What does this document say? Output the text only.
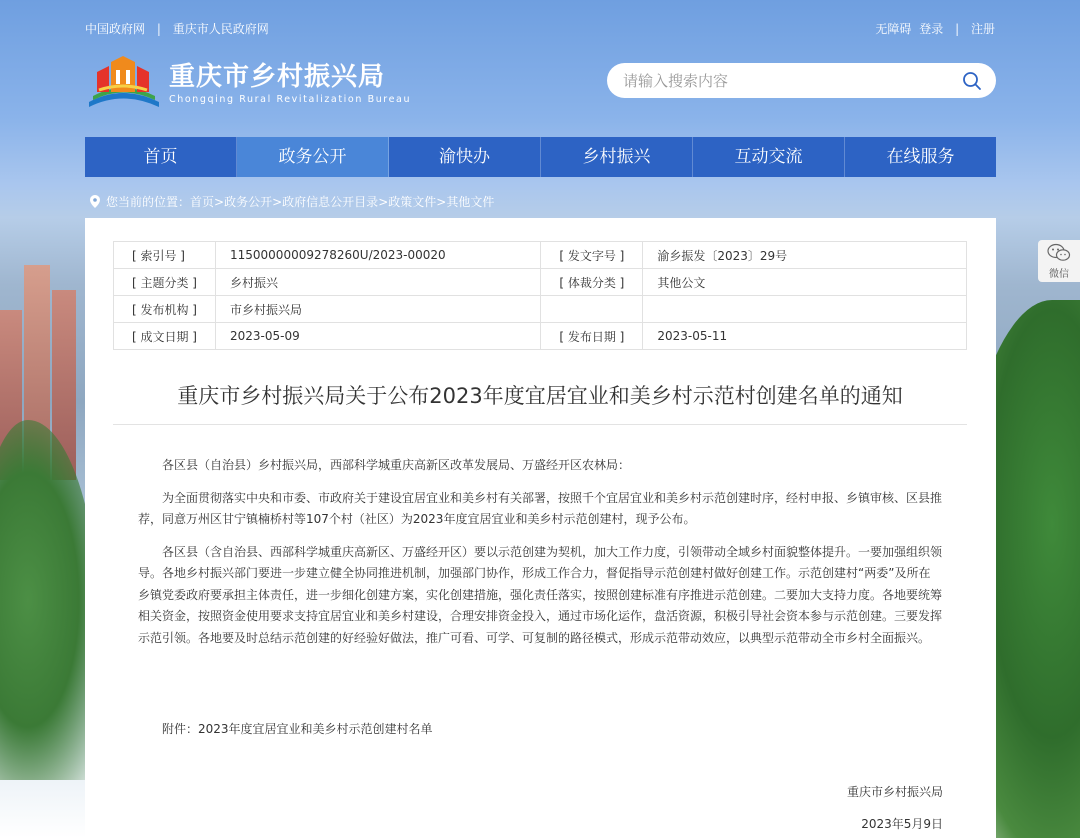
中国政府网 | 重庆市人民政府网	无障碍 登录 | 注册
重庆市乡村振兴局
Chongqing Rural Revitalization Bureau
请输入搜索内容
首页	政务公开	渝快办	乡村振兴	互动交流	在线服务
您当前的位置： 首页 > 政务公开 > 政府信息公开目录 > 政策文件 > 其他文件
微信
[ 索引号 ]	11500000009278260U/2023-00020	[ 发文字号 ]	渝乡振发〔2023〕29号
[ 主题分类 ]	乡村振兴	[ 体裁分类 ]	其他公文
[ 发布机构 ]	市乡村振兴局		
[ 成文日期 ]	2023-05-09	[ 发布日期 ]	2023-05-11
重庆市乡村振兴局关于公布2023年度宜居宜业和美乡村示范村创建名单的通知

各区县（自治县）乡村振兴局，西部科学城重庆高新区改革发展局、万盛经开区农林局：

为全面贯彻落实中央和市委、市政府关于建设宜居宜业和美乡村有关部署，按照千个宜居宜业和美乡村示范创建时序，经村申报、乡镇审核、区县推荐，同意万州区甘宁镇楠桥村等107个村（社区）为2023年度宜居宜业和美乡村示范创建村，现予公布。

各区县（含自治县、西部科学城重庆高新区、万盛经开区）要以示范创建为契机，加大工作力度，引领带动全域乡村面貌整体提升。一要加强组织领导。各地乡村振兴部门要进一步建立健全协同推进机制，加强部门协作，形成工作合力，督促指导示范创建村做好创建工作。示范创建村“两委”及所在乡镇党委政府要承担主体责任，进一步细化创建方案，实化创建措施，强化责任落实，按照创建标准有序推进示范创建。二要加大支持力度。各地要统筹相关资金，按照资金使用要求支持宜居宜业和美乡村建设，合理安排资金投入，通过市场化运作，盘活资源，积极引导社会资本参与示范创建。三要发挥示范引领。各地要及时总结示范创建的好经验好做法，推广可看、可学、可复制的路径模式，形成示范带动效应，以典型示范带动全市乡村全面振兴。

附件：2023年度宜居宜业和美乡村示范创建村名单
重庆市乡村振兴局
2023年5月9日
